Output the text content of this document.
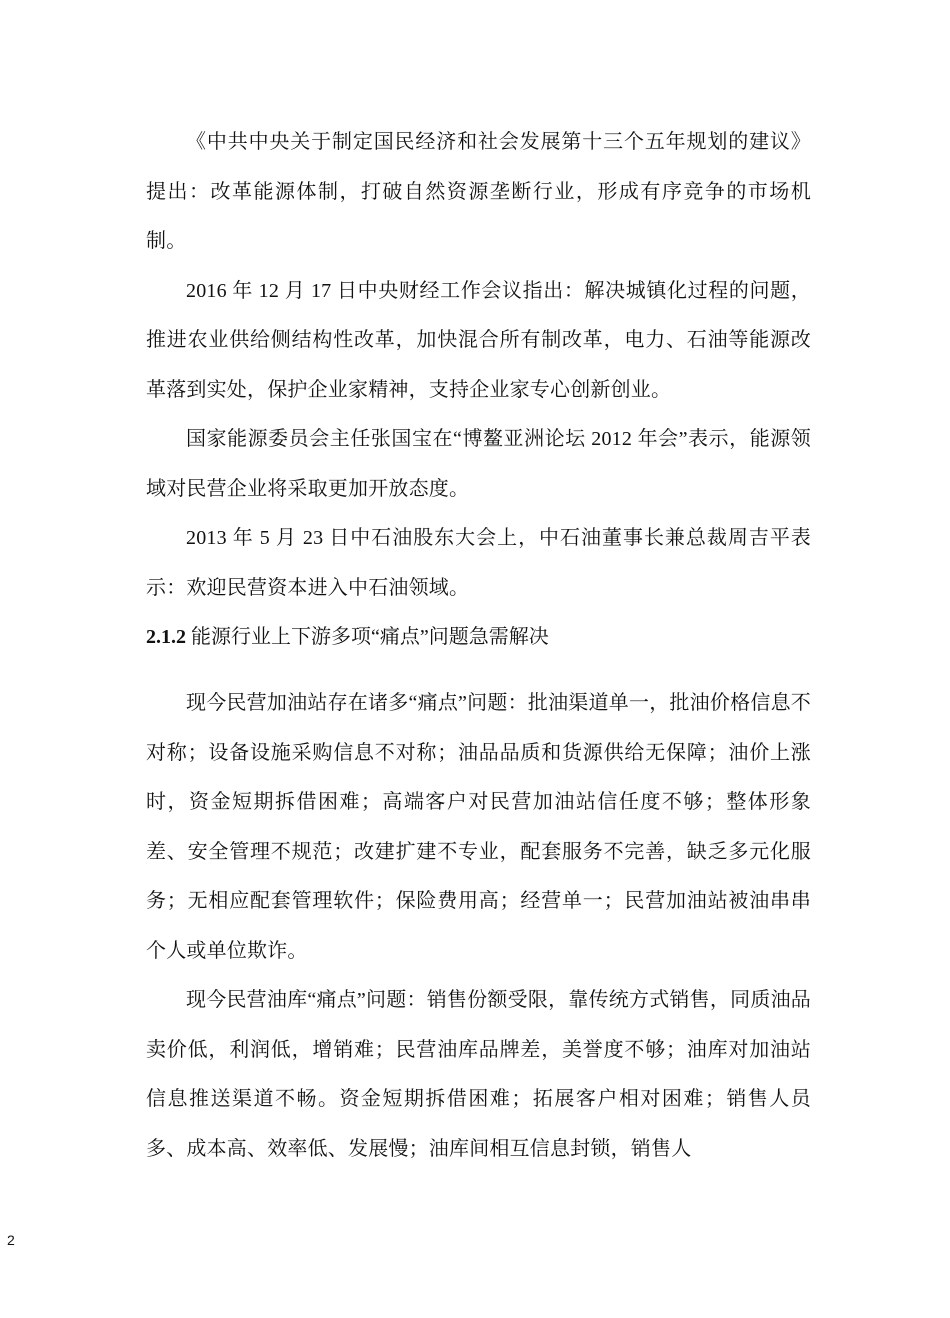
《中共中央关于制定国民经济和社会发展第十三个五年规划的建议》提出：改革能源体制，打破自然资源垄断行业，形成有序竞争的市场机制。

2016 年 12 月 17 日中央财经工作会议指出：解决城镇化过程的问题，推进农业供给侧结构性改革，加快混合所有制改革，电力、石油等能源改革落到实处，保护企业家精神，支持企业家专心创新创业。

国家能源委员会主任张国宝在“博鳌亚洲论坛 2012 年会”表示，能源领域对民营企业将采取更加开放态度。

2013 年 5 月 23 日中石油股东大会上，中石油董事长兼总裁周吉平表示：欢迎民营资本进入中石油领域。

2.1.2 能源行业上下游多项“痛点”问题急需解决

现今民营加油站存在诸多“痛点”问题：批油渠道单一，批油价格信息不对称；设备设施采购信息不对称；油品品质和货源供给无保障；油价上涨时，资金短期拆借困难；高端客户对民营加油站信任度不够；整体形象差、安全管理不规范；改建扩建不专业，配套服务不完善，缺乏多元化服务；无相应配套管理软件；保险费用高；经营单一；民营加油站被油串串个人或单位欺诈。

现今民营油库“痛点”问题：销售份额受限，靠传统方式销售，同质油品卖价低，利润低，增销难；民营油库品牌差，美誉度不够；油库对加油站信息推送渠道不畅。资金短期拆借困难；拓展客户相对困难；销售人员多、成本高、效率低、发展慢；油库间相互信息封锁，销售人

2
